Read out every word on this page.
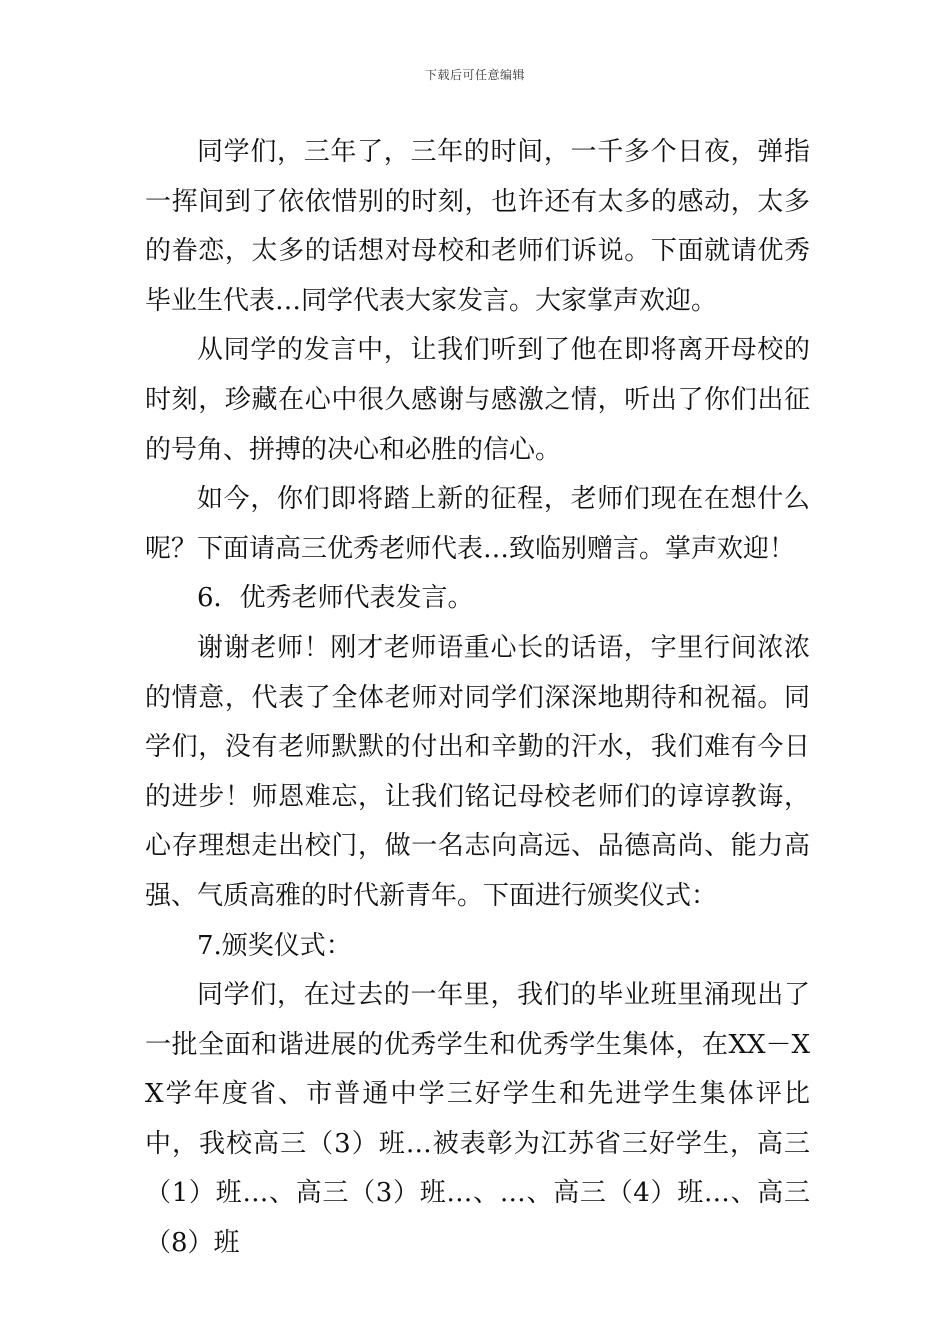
下载后可任意编辑

同学们，三年了，三年的时间，一千多个日夜，弹指一挥间到了依依惜别的时刻，也许还有太多的感动，太多的眷恋，太多的话想对母校和老师们诉说。下面就请优秀毕业生代表…同学代表大家发言。大家掌声欢迎。

从同学的发言中，让我们听到了他在即将离开母校的时刻，珍藏在心中很久感谢与感激之情，听出了你们出征的号角、拼搏的决心和必胜的信心。

如今，你们即将踏上新的征程，老师们现在在想什么呢？下面请高三优秀老师代表…致临别赠言。掌声欢迎！

6．优秀老师代表发言。

谢谢老师！刚才老师语重心长的话语，字里行间浓浓的情意，代表了全体老师对同学们深深地期待和祝福。同学们，没有老师默默的付出和辛勤的汗水，我们难有今日的进步！师恩难忘，让我们铭记母校老师们的谆谆教诲，心存理想走出校门，做一名志向高远、品德高尚、能力高强、气质高雅的时代新青年。下面进行颁奖仪式：

7.颁奖仪式：

同学们，在过去的一年里，我们的毕业班里涌现出了一批全面和谐进展的优秀学生和优秀学生集体，在XX－XX学年度省、市普通中学三好学生和先进学生集体评比中，我校高三（3）班…被表彰为江苏省三好学生，高三（1）班…、高三（3）班…、…、高三（4）班…、高三（8）班
